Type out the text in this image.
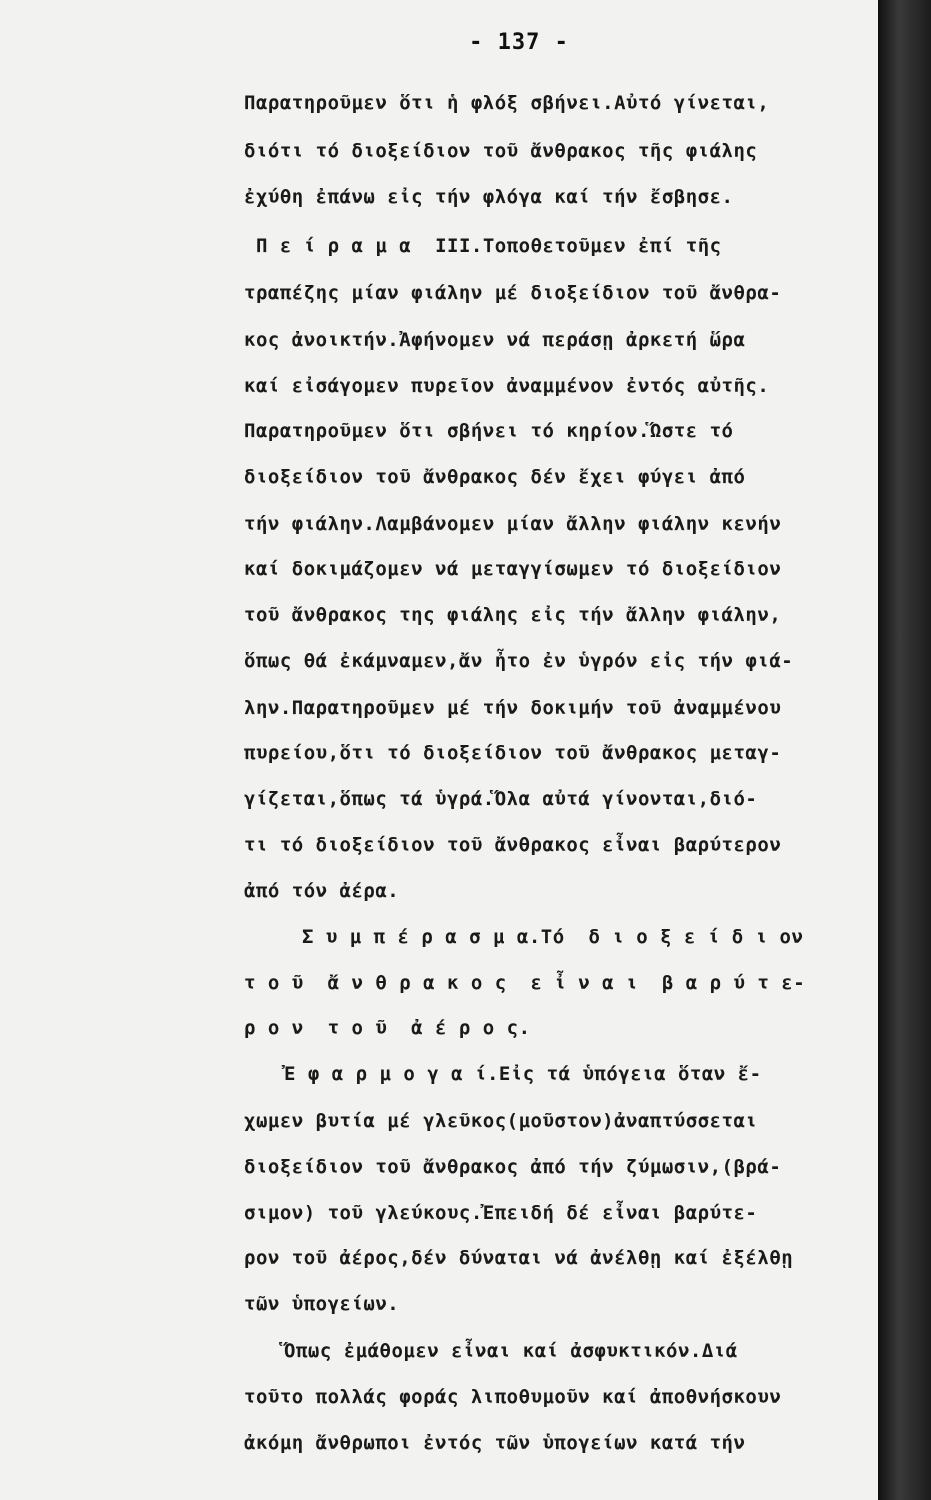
- 137 -
Παρατηροῦμεν ὅτι ἡ φλόξ σβήνει.Αὐτό γίνεται,
διότι τό διοξείδιον τοῦ ἄνθρακος τῆς φιάλης
ἐχύθη ἐπάνω εἰς τήν φλόγα καί τήν ἔσβησε.
Π ε ί ρ α μ α  III.Τοποθετοῦμεν ἐπί τῆς
τραπέζης μίαν φιάλην μέ διοξείδιον τοῦ ἄνθρα-
κος ἀνοικτήν.Ἀφήνομεν νά περάσῃ ἀρκετή ὥρα
καί εἰσάγομεν πυρεῖον ἀναμμένον ἐντός αὐτῆς.
Παρατηροῦμεν ὅτι σβήνει τό κηρίον.Ὥστε τό
διοξείδιον τοῦ ἄνθρακος δέν ἔχει φύγει ἀπό
τήν φιάλην.Λαμβάνομεν μίαν ἄλλην φιάλην κενήν
καί δοκιμάζομεν νά μεταγγίσωμεν τό διοξείδιον
τοῦ ἄνθρακος της φιάλης εἰς τήν ἄλλην φιάλην,
ὅπως θά ἐκάμναμεν,ἄν ἦτο ἐν ὑγρόν εἰς τήν φιά-
λην.Παρατηροῦμεν μέ τήν δοκιμήν τοῦ ἀναμμένου
πυρείου,ὅτι τό διοξείδιον τοῦ ἄνθρακος μεταγ-
γίζεται,ὅπως τά ὑγρά.Ὅλα αὐτά γίνονται,διό-
τι τό διοξείδιον τοῦ ἄνθρακος εἶναι βαρύτερον
ἀπό τόν ἀέρα.
Σ υ μ π έ ρ α σ μ α.Τό  δ ι ο ξ ε ί δ ι ον
τ ο ῦ  ἄ ν θ ρ α κ ο ς  ε ἶ ν α ι  β α ρ ύ τ ε-
ρ ο ν  τ ο ῦ  ἀ έ ρ ο ς.
Ἐ φ α ρ μ ο γ α ί.Εἰς τά ὑπόγεια ὅταν ἔ-
χωμεν βυτία μέ γλεῦκος(μοῦστον)ἀναπτύσσεται
διοξείδιον τοῦ ἄνθρακος ἀπό τήν ζύμωσιν,(βρά-
σιμον) τοῦ γλεύκους.Ἐπειδή δέ εἶναι βαρύτε-
ρον τοῦ ἀέρος,δέν δύναται νά ἀνέλθῃ καί ἐξέλθῃ
τῶν ὑπογείων.
Ὅπως ἐμάθομεν εἶναι καί ἀσφυκτικόν.Διά
τοῦτο πολλάς φοράς λιποθυμοῦν καί ἀποθνήσκουν
ἀκόμη ἄνθρωποι ἐντός τῶν ὑπογείων κατά τήν
